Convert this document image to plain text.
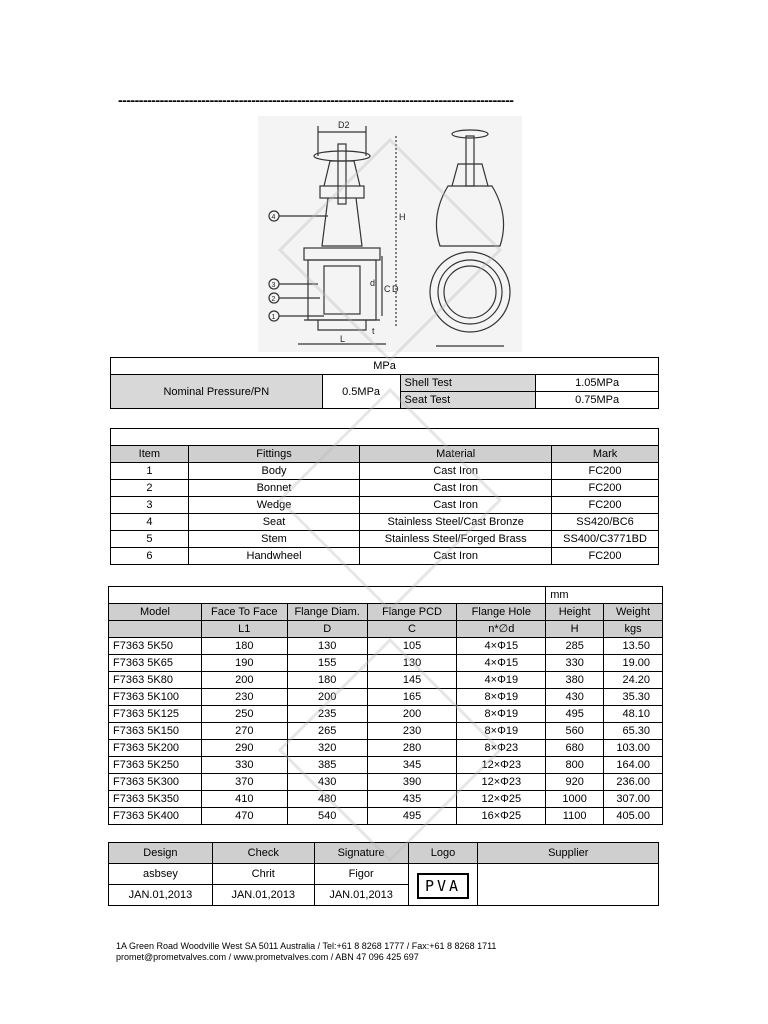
-----------------------------------------------------------------------------------------------
D2
H
C D
d
L
t
4
3
2
1
MPa			
Nominal Pressure/PN	0.5MPa	Shell Test	1.05MPa
		Seat Test	0.75MPa

Item	Fittings	Material	Mark
1	Body	Cast Iron	FC200
2	Bonnet	Cast Iron	FC200
3	Wedge	Cast Iron	FC200
4	Seat	Stainless Steel/Cast Bronze	SS420/BC6
5	Stem	Stainless Steel/Forged Brass	SS400/C3771BD
6	Handwheel	Cast Iron	FC200
					mm	
Model	Face To Face	Flange Diam.	Flange PCD	Flange Hole	Height	Weight
	L1	D	C	n*∅d	H	kgs
F7363 5K50	180	130	105	4×Φ15	285	13.50
F7363 5K65	190	155	130	4×Φ15	330	19.00
F7363 5K80	200	180	145	4×Φ19	380	24.20
F7363 5K100	230	200	165	8×Φ19	430	35.30
F7363 5K125	250	235	200	8×Φ19	495	48.10
F7363 5K150	270	265	230	8×Φ19	560	65.30
F7363 5K200	290	320	280	8×Φ23	680	103.00
F7363 5K250	330	385	345	12×Φ23	800	164.00
F7363 5K300	370	430	390	12×Φ23	920	236.00
F7363 5K350	410	480	435	12×Φ25	1000	307.00
F7363 5K400	470	540	495	16×Φ25	1100	405.00
Design	Check	Signature	Logo	Supplier
asbsey	Chrit	Figor	PVA	
JAN.01,2013	JAN.01,2013	JAN.01,2013		
1A Green Road Woodville West SA 5011 Australia / Tel:+61 8 8268 1777 / Fax:+61 8 8268 1711
promet@prometvalves.com / www.prometvalves.com / ABN 47 096 425 697
